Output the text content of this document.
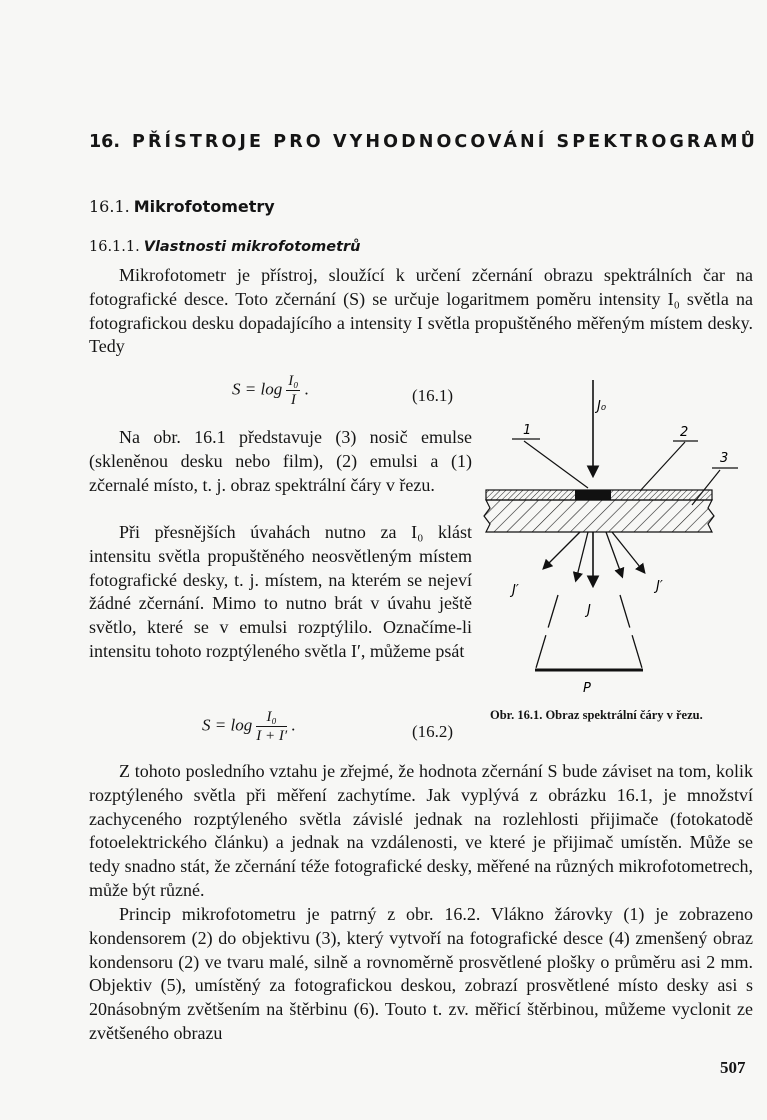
16. PŘÍSTROJE PRO VYHODNOCOVÁNÍ SPEKTROGRAMŮ
16.1. Mikrofotometry
16.1.1. Vlastnosti mikrofotometrů
Mikrofotometr je přístroj, sloužící k určení zčernání obrazu spektrálních čar na fotografické desce. Toto zčernání (S) se určuje logaritmem poměru intensity I₀ světla na fotografickou desku dopadajícího a intensity I světla propuštěného měřeným místem desky. Tedy
$S = \log \frac{\text{I₀}}{I}$ .	(16.1)
Na obr. 16.1 představuje (3) nosič emulse (skleněnou desku nebo film), (2) emulsi a (1) zčernalé místo, t. j. obraz spektrální čáry v řezu.
Při přesnějších úvahách nutno za I₀ klást intensitu světla propuštěného neosvětleným místem fotografické desky, t. j. místem, na kterém se nejeví žádné zčernání. Mimo to nutno brát v úvahu ještě světlo, které se v emulsi rozptýlilo. Označíme-li intensitu tohoto rozptýleného světla I′, můžeme psát
$S = \log \frac{\text{I₀}}{I + I'}$ .	(16.2)
J₀
1	2
3
J′	J′
J
P
Obr. 16.1. Obraz spektrální čáry v řezu.
Z tohoto posledního vztahu je zřejmé, že hodnota zčernání S bude záviset na tom, kolik rozptýleného světla při měření zachytíme. Jak vyplývá z obrázku 16.1, je množství zachyceného rozptýleného světla závislé jednak na rozlehlosti přijimače (fotokatodě fotoelektrického článku) a jednak na vzdálenosti, ve které je přijimač umístěn. Může se tedy snadno stát, že zčernání téže fotografické desky, měřené na různých mikrofotometrech, může být různé.
Princip mikrofotometru je patrný z obr. 16.2. Vlákno žárovky (1) je zobrazeno kondensorem (2) do objektivu (3), který vytvoří na fotografické desce (4) zmenšený obraz kondensoru (2) ve tvaru malé, silně a rovnoměrně prosvětlené plošky o průměru asi 2 mm. Objektiv (5), umístěný za fotografickou deskou, zobrazí prosvětlené místo desky asi s 20násobným zvětšením na štěrbinu (6). Touto t. zv. měřicí štěrbinou, můžeme vyclonit ze zvětšeného obrazu
507
